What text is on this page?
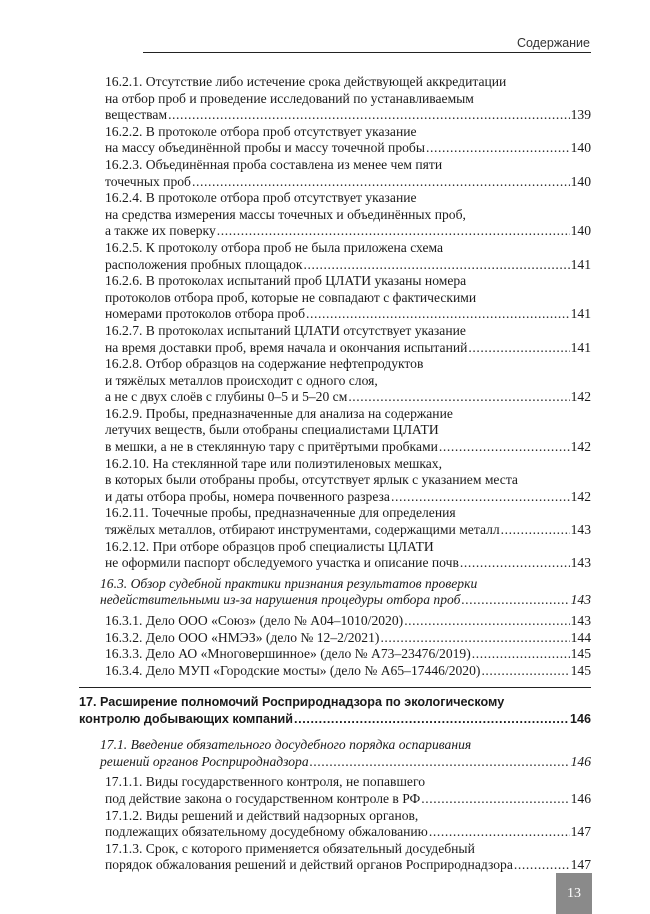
Содержание
16.2.1. Отсутствие либо истечение срока действующей аккредитации
на отбор проб и проведение исследований по устанавливаемым
веществам .....	139
16.2.2. В протоколе отбора проб отсутствует указание
на массу объединённой пробы и массу точечной пробы .....	140
16.2.3. Объединённая проба составлена из менее чем пяти
точечных проб .....	140
16.2.4. В протоколе отбора проб отсутствует указание
на средства измерения массы точечных и объединённых проб,
а также их поверку .....	140
16.2.5. К протоколу отбора проб не была приложена схема
расположения пробных площадок .....	141
16.2.6. В протоколах испытаний проб ЦЛАТИ указаны номера
протоколов отбора проб, которые не совпадают с фактическими
номерами протоколов отбора проб .....	141
16.2.7. В протоколах испытаний ЦЛАТИ отсутствует указание
на время доставки проб, время начала и окончания испытаний .....	141
16.2.8. Отбор образцов на содержание нефтепродуктов
и тяжёлых металлов происходит с одного слоя,
а не с двух слоёв с глубины 0–5 и 5–20 см .....	142
16.2.9. Пробы, предназначенные для анализа на содержание
летучих веществ, были отобраны специалистами ЦЛАТИ
в мешки, а не в стеклянную тару с притёртыми пробками .....	142
16.2.10. На стеклянной таре или полиэтиленовых мешках,
в которых были отобраны пробы, отсутствует ярлык с указанием места
и даты отбора пробы, номера почвенного разреза .....	142
16.2.11. Точечные пробы, предназначенные для определения
тяжёлых металлов, отбирают инструментами, содержащими металл .....	143
16.2.12. При отборе образцов проб специалисты ЦЛАТИ
не оформили паспорт обследуемого участка и описание почв .....	143
16.3. Обзор судебной практики признания результатов проверки
недействительными из-за нарушения процедуры отбора проб .....	143
16.3.1. Дело ООО «Союз» (дело № А04–1010/2020) .....	143
16.3.2. Дело ООО «НМЭЗ» (дело № 12–2/2021) .....	144
16.3.3. Дело АО «Многовершинное» (дело № А73–23476/2019) .....	145
16.3.4. Дело МУП «Городские мосты» (дело № А65–17446/2020) .....	145
17. Расширение полномочий Росприроднадзора по экологическому
контролю добывающих компаний .....	146
17.1. Введение обязательного досудебного порядка оспаривания
решений органов Росприроднадзора .....	146
17.1.1. Виды государственного контроля, не попавшего
под действие закона о государственном контроле в РФ .....	146
17.1.2. Виды решений и действий надзорных органов,
подлежащих обязательному досудебному обжалованию .....	147
17.1.3. Срок, с которого применяется обязательный досудебный
порядок обжалования решений и действий органов Росприроднадзора .....	147
13
